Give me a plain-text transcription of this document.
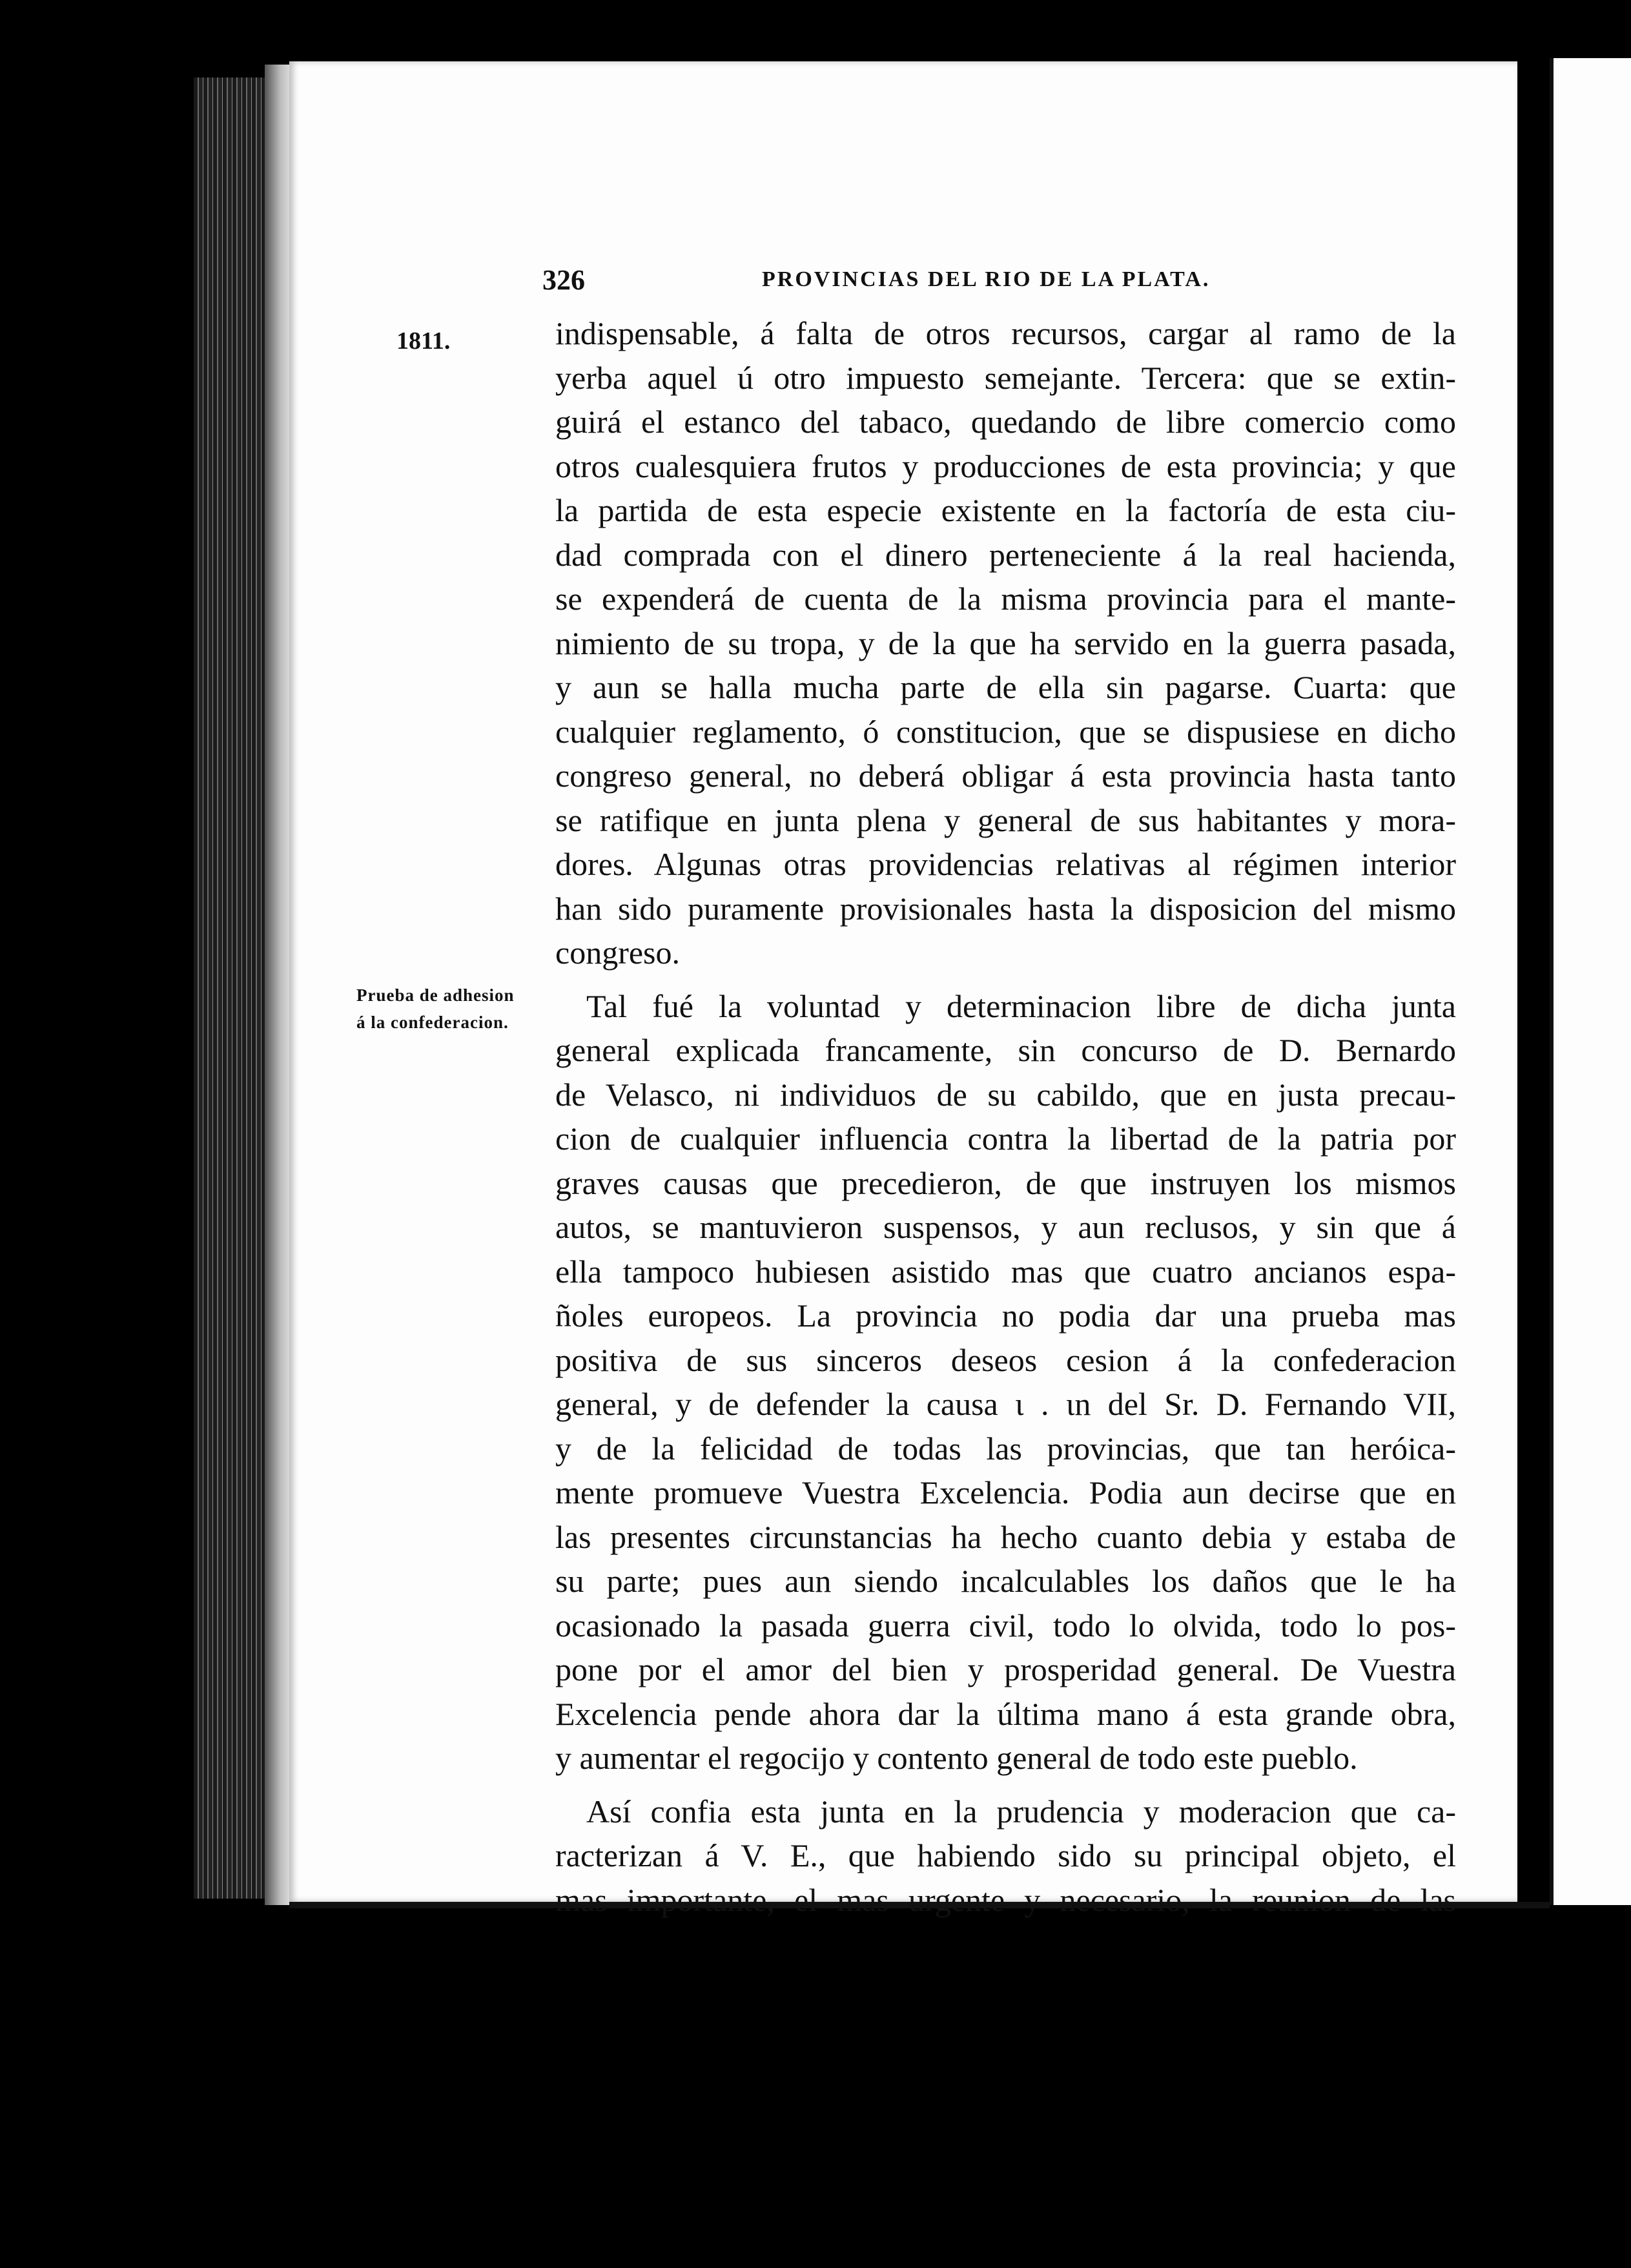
326	PROVINCIAS DEL RIO DE LA PLATA.
1811.
Prueba de adhesion
á la confederacion.
indispensable, á falta de otros recursos, cargar al ramo de la
yerba aquel ú otro impuesto semejante. Tercera: que se extin-
guirá el estanco del tabaco, quedando de libre comercio como
otros cualesquiera frutos y producciones de esta provincia; y que
la partida de esta especie existente en la factoría de esta ciu-
dad comprada con el dinero perteneciente á la real hacienda,
se expenderá de cuenta de la misma provincia para el mante-
nimiento de su tropa, y de la que ha servido en la guerra pasada,
y aun se halla mucha parte de ella sin pagarse. Cuarta: que
cualquier reglamento, ó constitucion, que se dispusiese en dicho
congreso general, no deberá obligar á esta provincia hasta tanto
se ratifique en junta plena y general de sus habitantes y mora-
dores. Algunas otras providencias relativas al régimen interior
han sido puramente provisionales hasta la disposicion del mismo
congreso.
Tal fué la voluntad y determinacion libre de dicha junta
general explicada francamente, sin concurso de D. Bernardo
de Velasco, ni individuos de su cabildo, que en justa precau-
cion de cualquier influencia contra la libertad de la patria por
graves causas que precedieron, de que instruyen los mismos
autos, se mantuvieron suspensos, y aun reclusos, y sin que á
ella tampoco hubiesen asistido mas que cuatro ancianos espa-
ñoles europeos. La provincia no podia dar una prueba mas
positiva de sus sinceros deseos cesion á la confederacion
general, y de defender la causa ι . ιn del Sr. D. Fernando VII,
y de la felicidad de todas las provincias, que tan heróica-
mente promueve Vuestra Excelencia. Podia aun decirse que en
las presentes circunstancias ha hecho cuanto debia y estaba de
su parte; pues aun siendo incalculables los daños que le ha
ocasionado la pasada guerra civil, todo lo olvida, todo lo pos-
pone por el amor del bien y prosperidad general. De Vuestra
Excelencia pende ahora dar la última mano á esta grande obra,
y aumentar el regocijo y contento general de todo este pueblo.
Así confia esta junta en la prudencia y moderacion que ca-
racterizan á V. E., que habiendo sido su principal objeto, el
mas importante, el mas urgente y necesario, la reunion de las
